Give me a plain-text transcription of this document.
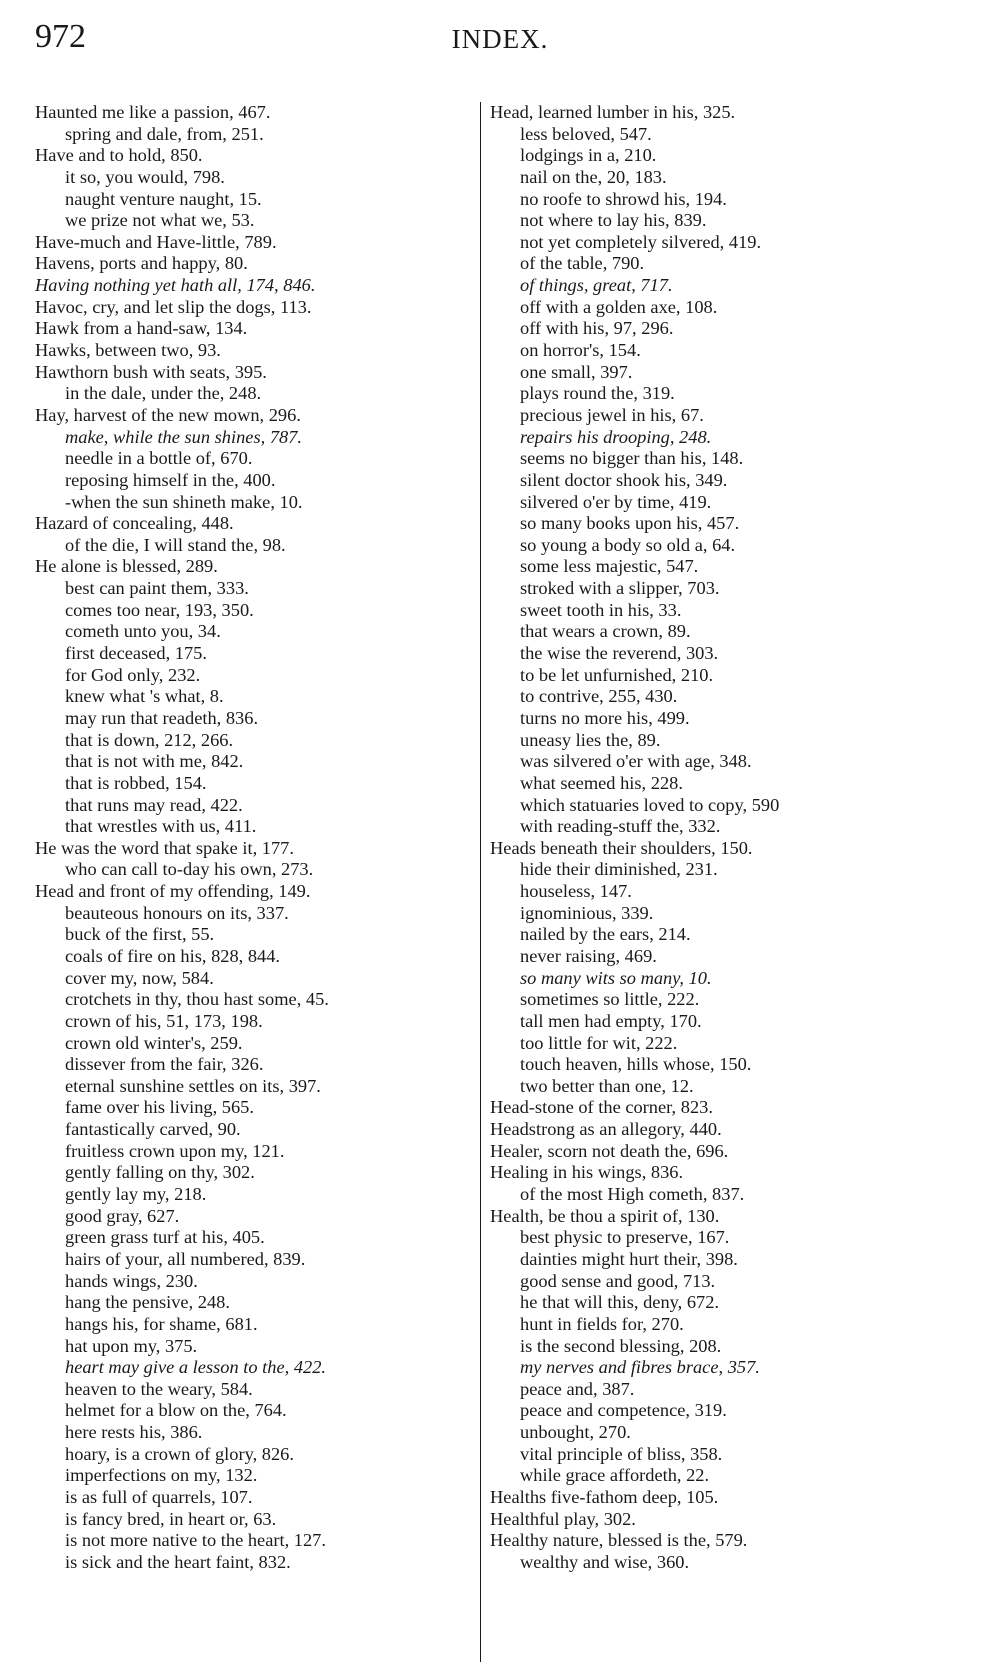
972	INDEX.
Haunted me like a passion, 467.
spring and dale, from, 251.
Have and to hold, 850.
it so, you would, 798.
naught venture naught, 15.
we prize not what we, 53.
Have-much and Have-little, 789.
Havens, ports and happy, 80.
Having nothing yet hath all, 174, 846.
Havoc, cry, and let slip the dogs, 113.
Hawk from a hand-saw, 134.
Hawks, between two, 93.
Hawthorn bush with seats, 395.
in the dale, under the, 248.
Hay, harvest of the new mown, 296.
make, while the sun shines, 787.
needle in a bottle of, 670.
reposing himself in the, 400.
-when the sun shineth make, 10.
Hazard of concealing, 448.
of the die, I will stand the, 98.
He alone is blessed, 289.
best can paint them, 333.
comes too near, 193, 350.
cometh unto you, 34.
first deceased, 175.
for God only, 232.
knew what 's what, 8.
may run that readeth, 836.
that is down, 212, 266.
that is not with me, 842.
that is robbed, 154.
that runs may read, 422.
that wrestles with us, 411.
He was the word that spake it, 177.
who can call to-day his own, 273.
Head and front of my offending, 149.
beauteous honours on its, 337.
buck of the first, 55.
coals of fire on his, 828, 844.
cover my, now, 584.
crotchets in thy, thou hast some, 45.
crown of his, 51, 173, 198.
crown old winter's, 259.
dissever from the fair, 326.
eternal sunshine settles on its, 397.
fame over his living, 565.
fantastically carved, 90.
fruitless crown upon my, 121.
gently falling on thy, 302.
gently lay my, 218.
good gray, 627.
green grass turf at his, 405.
hairs of your, all numbered, 839.
hands wings, 230.
hang the pensive, 248.
hangs his, for shame, 681.
hat upon my, 375.
heart may give a lesson to the, 422.
heaven to the weary, 584.
helmet for a blow on the, 764.
here rests his, 386.
hoary, is a crown of glory, 826.
imperfections on my, 132.
is as full of quarrels, 107.
is fancy bred, in heart or, 63.
is not more native to the heart, 127.
is sick and the heart faint, 832.
Head, learned lumber in his, 325.
less beloved, 547.
lodgings in a, 210.
nail on the, 20, 183.
no roofe to shrowd his, 194.
not where to lay his, 839.
not yet completely silvered, 419.
of the table, 790.
of things, great, 717.
off with a golden axe, 108.
off with his, 97, 296.
on horror's, 154.
one small, 397.
plays round the, 319.
precious jewel in his, 67.
repairs his drooping, 248.
seems no bigger than his, 148.
silent doctor shook his, 349.
silvered o'er by time, 419.
so many books upon his, 457.
so young a body so old a, 64.
some less majestic, 547.
stroked with a slipper, 703.
sweet tooth in his, 33.
that wears a crown, 89.
the wise the reverend, 303.
to be let unfurnished, 210.
to contrive, 255, 430.
turns no more his, 499.
uneasy lies the, 89.
was silvered o'er with age, 348.
what seemed his, 228.
which statuaries loved to copy, 590
with reading-stuff the, 332.
Heads beneath their shoulders, 150.
hide their diminished, 231.
houseless, 147.
ignominious, 339.
nailed by the ears, 214.
never raising, 469.
so many wits so many, 10.
sometimes so little, 222.
tall men had empty, 170.
too little for wit, 222.
touch heaven, hills whose, 150.
two better than one, 12.
Head-stone of the corner, 823.
Headstrong as an allegory, 440.
Healer, scorn not death the, 696.
Healing in his wings, 836.
of the most High cometh, 837.
Health, be thou a spirit of, 130.
best physic to preserve, 167.
dainties might hurt their, 398.
good sense and good, 713.
he that will this, deny, 672.
hunt in fields for, 270.
is the second blessing, 208.
my nerves and fibres brace, 357.
peace and, 387.
peace and competence, 319.
unbought, 270.
vital principle of bliss, 358.
while grace affordeth, 22.
Healths five-fathom deep, 105.
Healthful play, 302.
Healthy nature, blessed is the, 579.
wealthy and wise, 360.
